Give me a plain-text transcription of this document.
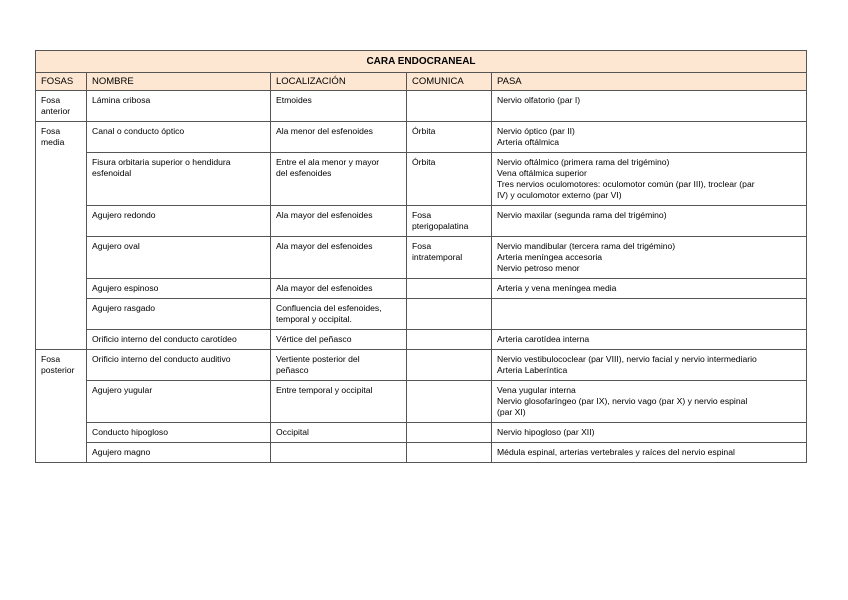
CARA ENDOCRANEAL				
FOSAS	NOMBRE	LOCALIZACIÓN	COMUNICA	PASA

Fosa
anterior	Lámina cribosa	Etmoides		Nervio olfatorio (par I)

Fosa
media	Canal o conducto óptico	Ala menor del esfenoides	Órbita	Nervio óptico (par II)
Arteria oftálmica

	Fisura orbitaria superior o hendidura
esfenoidal	Entre el ala menor y mayor
del esfenoides	Órbita	Nervio oftálmico (primera rama del trigémino)
Vena oftálmica superior
Tres nervios oculomotores: oculomotor común (par III), troclear (par
IV) y oculomotor externo (par VI)

	Agujero redondo	Ala mayor del esfenoides	Fosa
pterigopalatina	Nervio maxilar (segunda rama del trigémino)

	Agujero oval	Ala mayor del esfenoides	Fosa
intratemporal	Nervio mandibular (tercera rama del trigémino)
Arteria meníngea accesoria
Nervio petroso menor

	Agujero espinoso	Ala mayor del esfenoides		Arteria y vena meníngea media

	Agujero rasgado	Confluencia del esfenoides,
temporal y occipital.		

	Orificio interno del conducto carotídeo	Vértice del peñasco		Arteria carotídea interna

Fosa
posterior	Orificio interno del conducto auditivo	Vertiente posterior del
peñasco		Nervio vestibulococlear (par VIII), nervio facial y nervio intermediario
Arteria Laberíntica

	Agujero yugular	Entre temporal y occipital		Vena yugular interna
Nervio glosofaríngeo (par IX), nervio vago (par X) y nervio espinal
(par XI)

	Conducto hipogloso	Occipital		Nervio hipogloso (par XII)

	Agujero magno			Médula espinal, arterias vertebrales y raíces del nervio espinal
